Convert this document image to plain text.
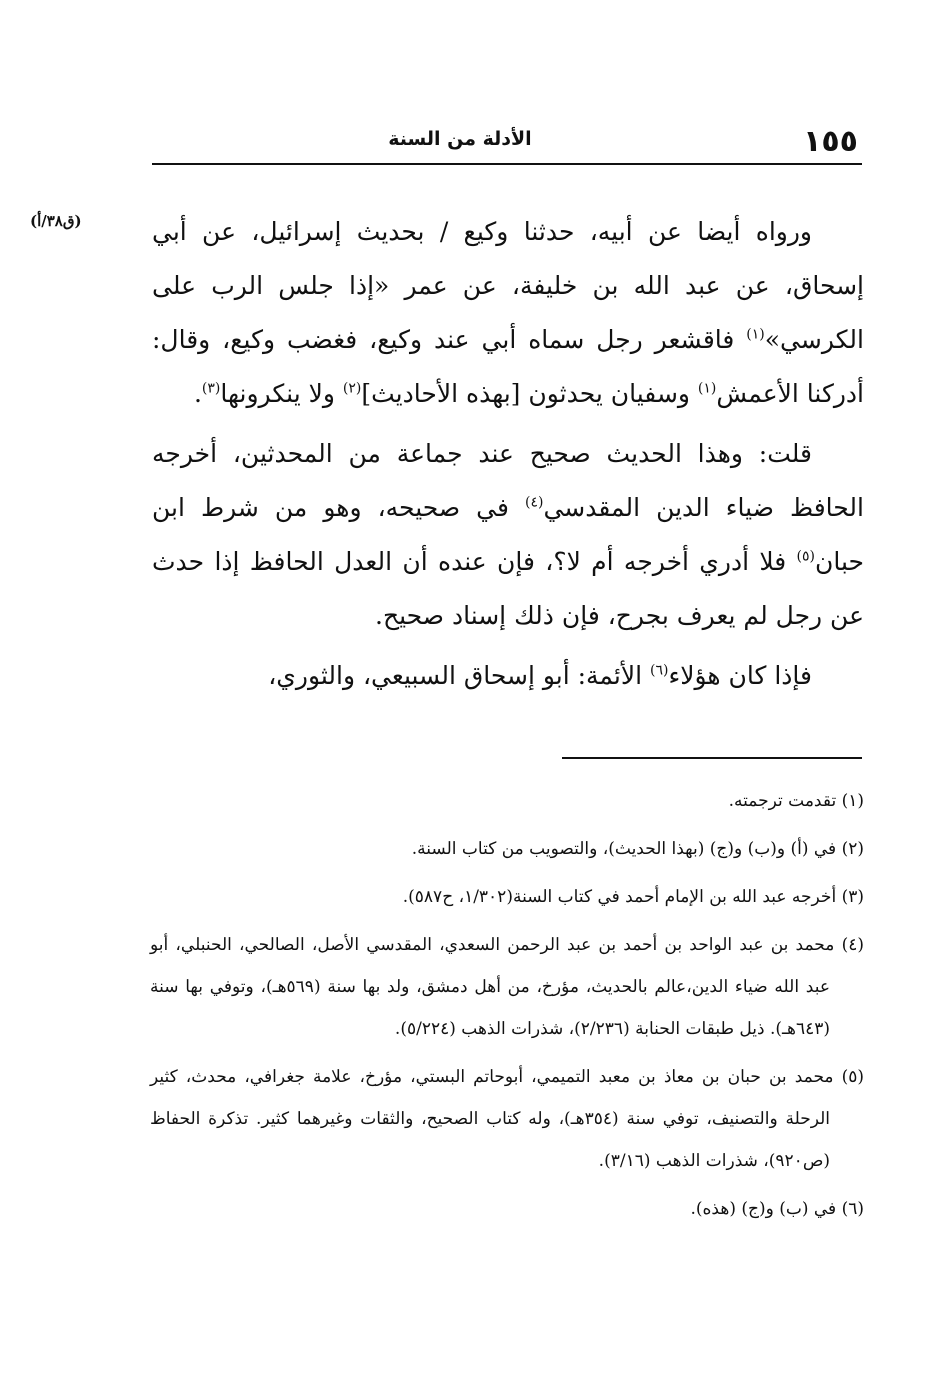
١٥٥
الأدلة من السنة
(ق٣٨/أ)	ورواه أيضا عن أبيه، حدثنا وكيع / بحديث إسرائيل، عن أبي إسحاق، عن عبد الله بن خليفة، عن عمر «إذا جلس الرب على الكرسي»$^{(١)}$ فاقشعر رجل سماه أبي عند وكيع، فغضب وكيع، وقال: أدركنا الأعمش$^{(١)}$ وسفيان يحدثون [بهذه الأحاديث]$^{(٢)}$ ولا ينكرونها$^{(٣)}$.

قلت: وهذا الحديث صحيح عند جماعة من المحدثين، أخرجه الحافظ ضياء الدين المقدسي$^{(٤)}$ في صحيحه، وهو من شرط ابن حبان$^{(٥)}$ فلا أدري أخرجه أم لا؟، فإن عنده أن العدل الحافظ إذا حدث عن رجل لم يعرف بجرح، فإن ذلك إسناد صحيح.

فإذا كان هؤلاء$^{(٦)}$ الأئمة: أبو إسحاق السبيعي، والثوري،

(١) تقدمت ترجمته.
(٢) في (أ) و(ب) و(ج) (بهذا الحديث)، والتصويب من كتاب السنة.
(٣) أخرجه عبد الله بن الإمام أحمد في كتاب السنة(١/٣٠٢، ح٥٨٧).
(٤) محمد بن عبد الواحد بن أحمد بن عبد الرحمن السعدي، المقدسي الأصل، الصالحي، الحنبلي، أبو عبد الله ضياء الدين،عالم بالحديث، مؤرخ، من أهل دمشق، ولد بها سنة (٥٦٩هـ)، وتوفي بها سنة (٦٤٣هـ). ذيل طبقات الحنابة (٢/٢٣٦)، شذرات الذهب (٥/٢٢٤).
(٥) محمد بن حبان بن معاذ بن معبد التميمي، أبوحاتم البستي، مؤرخ، علامة جغرافي، محدث، كثير الرحلة والتصنيف، توفي سنة (٣٥٤هـ)، وله كتاب الصحيح، والثقات وغيرهما كثير. تذكرة الحفاظ (ص٩٢٠)، شذرات الذهب (٣/١٦).
(٦) في (ب) و(ج) (هذه).
